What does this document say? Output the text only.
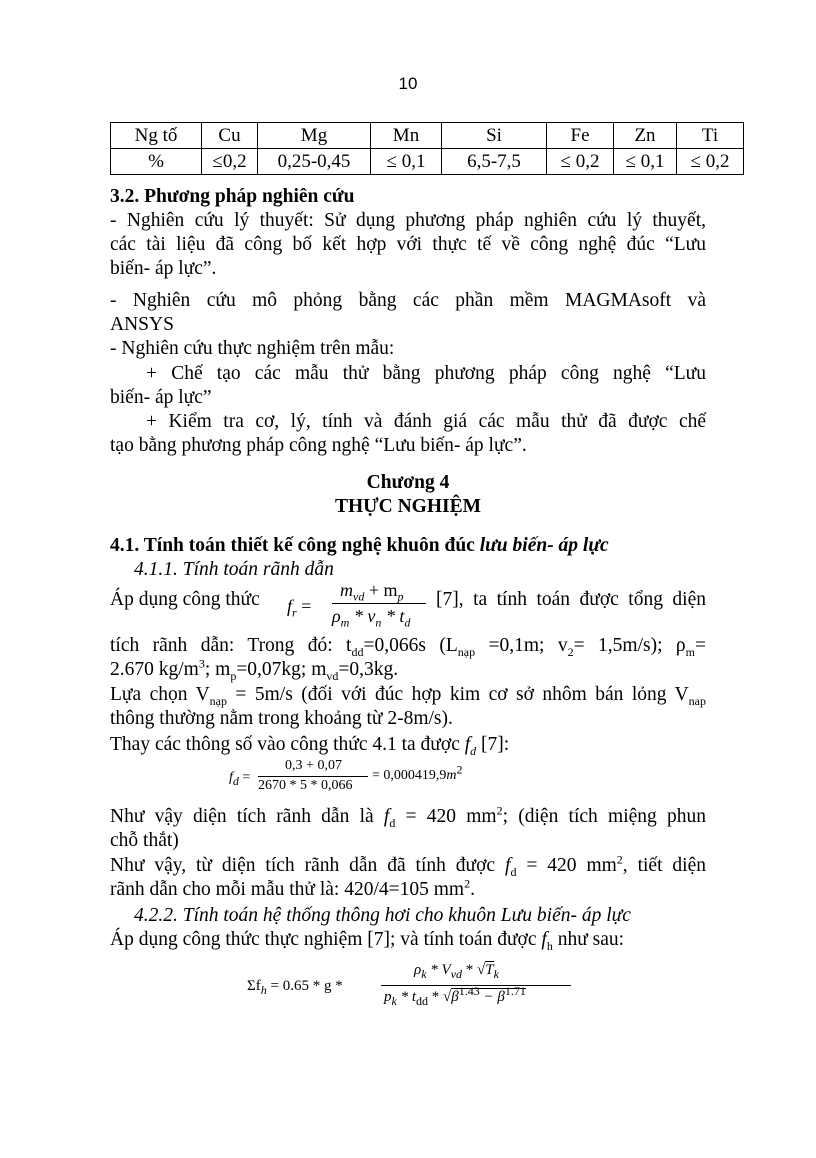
10
Ng tố	Cu	Mg	Mn	Si	Fe	Zn	Ti
%	≤0,2	0,25-0,45	≤ 0,1	6,5-7,5	≤ 0,2	≤ 0,1	≤ 0,2
3.2. Phương pháp nghiên cứu
- Nghiên cứu lý thuyết: Sử dụng phương pháp nghiên cứu lý thuyết,
các tài liệu đã công bố kết hợp với thực tế về công nghệ đúc “Lưu
biến- áp lực”.
- Nghiên cứu mô phỏng bằng các phần mềm MAGMAsoft và
ANSYS
- Nghiên cứu thực nghiệm trên mẫu:
+ Chế tạo các mẫu thử bằng phương pháp công nghệ “Lưu
biến- áp lực”
+ Kiểm tra cơ, lý, tính và đánh giá các mẫu thử đã được chế
tạo bằng phương pháp công nghệ “Lưu biến- áp lực”.
Chương 4
THỰC NGHIỆM
4.1. Tính toán thiết kế công nghệ khuôn đúc lưu biến- áp lực
4.1.1. Tính toán rãnh dẫn
Áp dụng công thức $f_r$ =
$m_{vd} + m_p$
$\rho_m * v_n * t_d$
[7], ta tính toán được tổng diện
tích rãnh dẫn: Trong đó: $t_{dd}=0,066s$ ($L_{nạp} =0,1m$; $v_2= 1,5m/s$); $\rho_m=$
2.670 $kg/m^3$; $m_p=0,07kg$; $m_{vd}=0,3kg$.
Lựa chọn $V_{nạp} = 5m/s$ (đối với đúc hợp kim cơ sở nhôm bán lỏng $V_{nap}$
thông thường nằm trong khoảng từ 2-8m/s).
Thay các thông số vào công thức 4.1 ta được $f_d$ [7]:
$f_d$ =
0,3 + 0,07
2670 * 5 * 0,066
= $0,000419,9m^2$
Như vậy diện tích rãnh dẫn là $f_d = 420$ $mm^2$; (diện tích miệng phun
chỗ thắt)
Như vậy, từ diện tích rãnh dẫn đã tính được $f_d = 420$ $mm^2$, tiết diện
rãnh dẫn cho mỗi mẫu thử là: 420/4=105 $mm^2$.
4.2.2. Tính toán hệ thống thông hơi cho khuôn Lưu biến- áp lực
Áp dụng công thức thực nghiệm [7]; và tính toán được $f_h$ như sau:
$\Sigma f_h = 0.65 * g$ *
$\rho_k * V_{vd} * √T_k$
$p_k * t_{dd} * √\beta^{1.43} - \beta^{1.71}$
